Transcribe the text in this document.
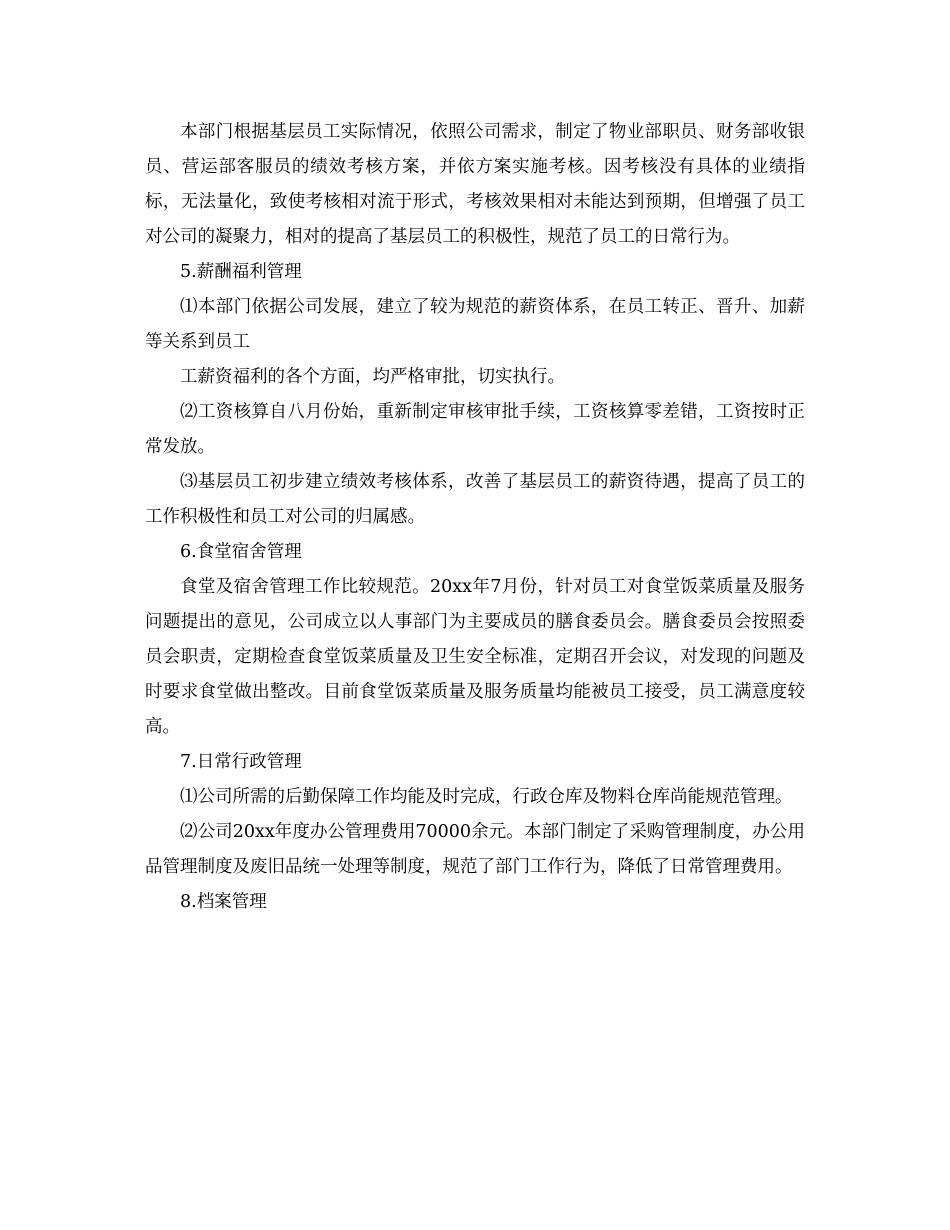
本部门根据基层员工实际情况，依照公司需求，制定了物业部职员、财务部收银员、营运部客服员的绩效考核方案，并依方案实施考核。因考核没有具体的业绩指标，无法量化，致使考核相对流于形式，考核效果相对未能达到预期，但增强了员工对公司的凝聚力，相对的提高了基层员工的积极性，规范了员工的日常行为。

5.薪酬福利管理

⑴本部门依据公司发展，建立了较为规范的薪资体系，在员工转正、晋升、加薪等关系到员工

工薪资福利的各个方面，均严格审批，切实执行。

⑵工资核算自八月份始，重新制定审核审批手续，工资核算零差错，工资按时正常发放。

⑶基层员工初步建立绩效考核体系，改善了基层员工的薪资待遇，提高了员工的工作积极性和员工对公司的归属感。

6.食堂宿舍管理

食堂及宿舍管理工作比较规范。20xx年7月份，针对员工对食堂饭菜质量及服务问题提出的意见，公司成立以人事部门为主要成员的膳食委员会。膳食委员会按照委员会职责，定期检查食堂饭菜质量及卫生安全标准，定期召开会议，对发现的问题及时要求食堂做出整改。目前食堂饭菜质量及服务质量均能被员工接受，员工满意度较高。

7.日常行政管理

⑴公司所需的后勤保障工作均能及时完成，行政仓库及物料仓库尚能规范管理。

⑵公司20xx年度办公管理费用70000余元。本部门制定了采购管理制度，办公用品管理制度及废旧品统一处理等制度，规范了部门工作行为，降低了日常管理费用。

8.档案管理
